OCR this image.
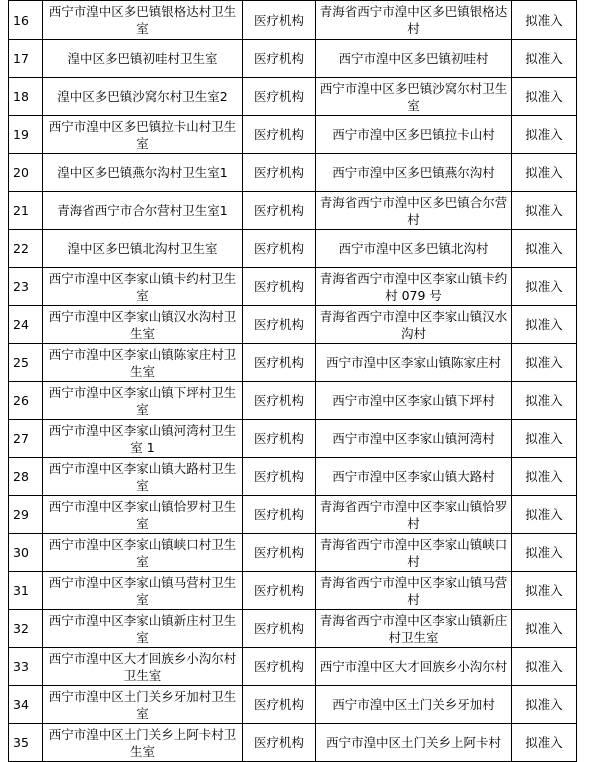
16	西宁市湟中区多巴镇银格达村卫生室	医疗机构	青海省西宁市湟中区多巴镇银格达村	拟准入
17	湟中区多巴镇初哇村卫生室	医疗机构	西宁市湟中区多巴镇初哇村	拟准入
18	湟中区多巴镇沙窝尔村卫生室2	医疗机构	西宁市湟中区多巴镇沙窝尔村卫生室	拟准入
19	西宁市湟中区多巴镇拉卡山村卫生室	医疗机构	西宁市湟中区多巴镇拉卡山村	拟准入
20	湟中区多巴镇燕尔沟村卫生室1	医疗机构	西宁市湟中区多巴镇燕尔沟村	拟准入
21	青海省西宁市合尔营村卫生室1	医疗机构	青海省西宁市湟中区多巴镇合尔营村	拟准入
22	湟中区多巴镇北沟村卫生室	医疗机构	西宁市湟中区多巴镇北沟村	拟准入
23	西宁市湟中区李家山镇卡约村卫生室	医疗机构	青海省西宁市湟中区李家山镇卡约村 079 号	拟准入
24	西宁市湟中区李家山镇汉水沟村卫生室	医疗机构	青海省西宁市湟中区李家山镇汉水沟村	拟准入
25	西宁市湟中区李家山镇陈家庄村卫生室	医疗机构	西宁市湟中区李家山镇陈家庄村	拟准入
26	西宁市湟中区李家山镇下坪村卫生室	医疗机构	西宁市湟中区李家山镇下坪村	拟准入
27	西宁市湟中区李家山镇河湾村卫生室 1	医疗机构	西宁市湟中区李家山镇河湾村	拟准入
28	西宁市湟中区李家山镇大路村卫生室	医疗机构	西宁市湟中区李家山镇大路村	拟准入
29	西宁市湟中区李家山镇恰罗村卫生室	医疗机构	青海省西宁市湟中区李家山镇恰罗村	拟准入
30	西宁市湟中区李家山镇峡口村卫生室	医疗机构	青海省西宁市湟中区李家山镇峡口村	拟准入
31	西宁市湟中区李家山镇马营村卫生室	医疗机构	青海省西宁市湟中区李家山镇马营村	拟准入
32	西宁市湟中区李家山镇新庄村卫生室	医疗机构	青海省西宁市湟中区李家山镇新庄村卫生室	拟准入
33	西宁市湟中区大才回族乡小沟尔村卫生室	医疗机构	西宁市湟中区大才回族乡小沟尔村	拟准入
34	西宁市湟中区土门关乡牙加村卫生室	医疗机构	西宁市湟中区土门关乡牙加村	拟准入
35	西宁市湟中区土门关乡上阿卡村卫生室	医疗机构	西宁市湟中区土门关乡上阿卡村	拟准入
